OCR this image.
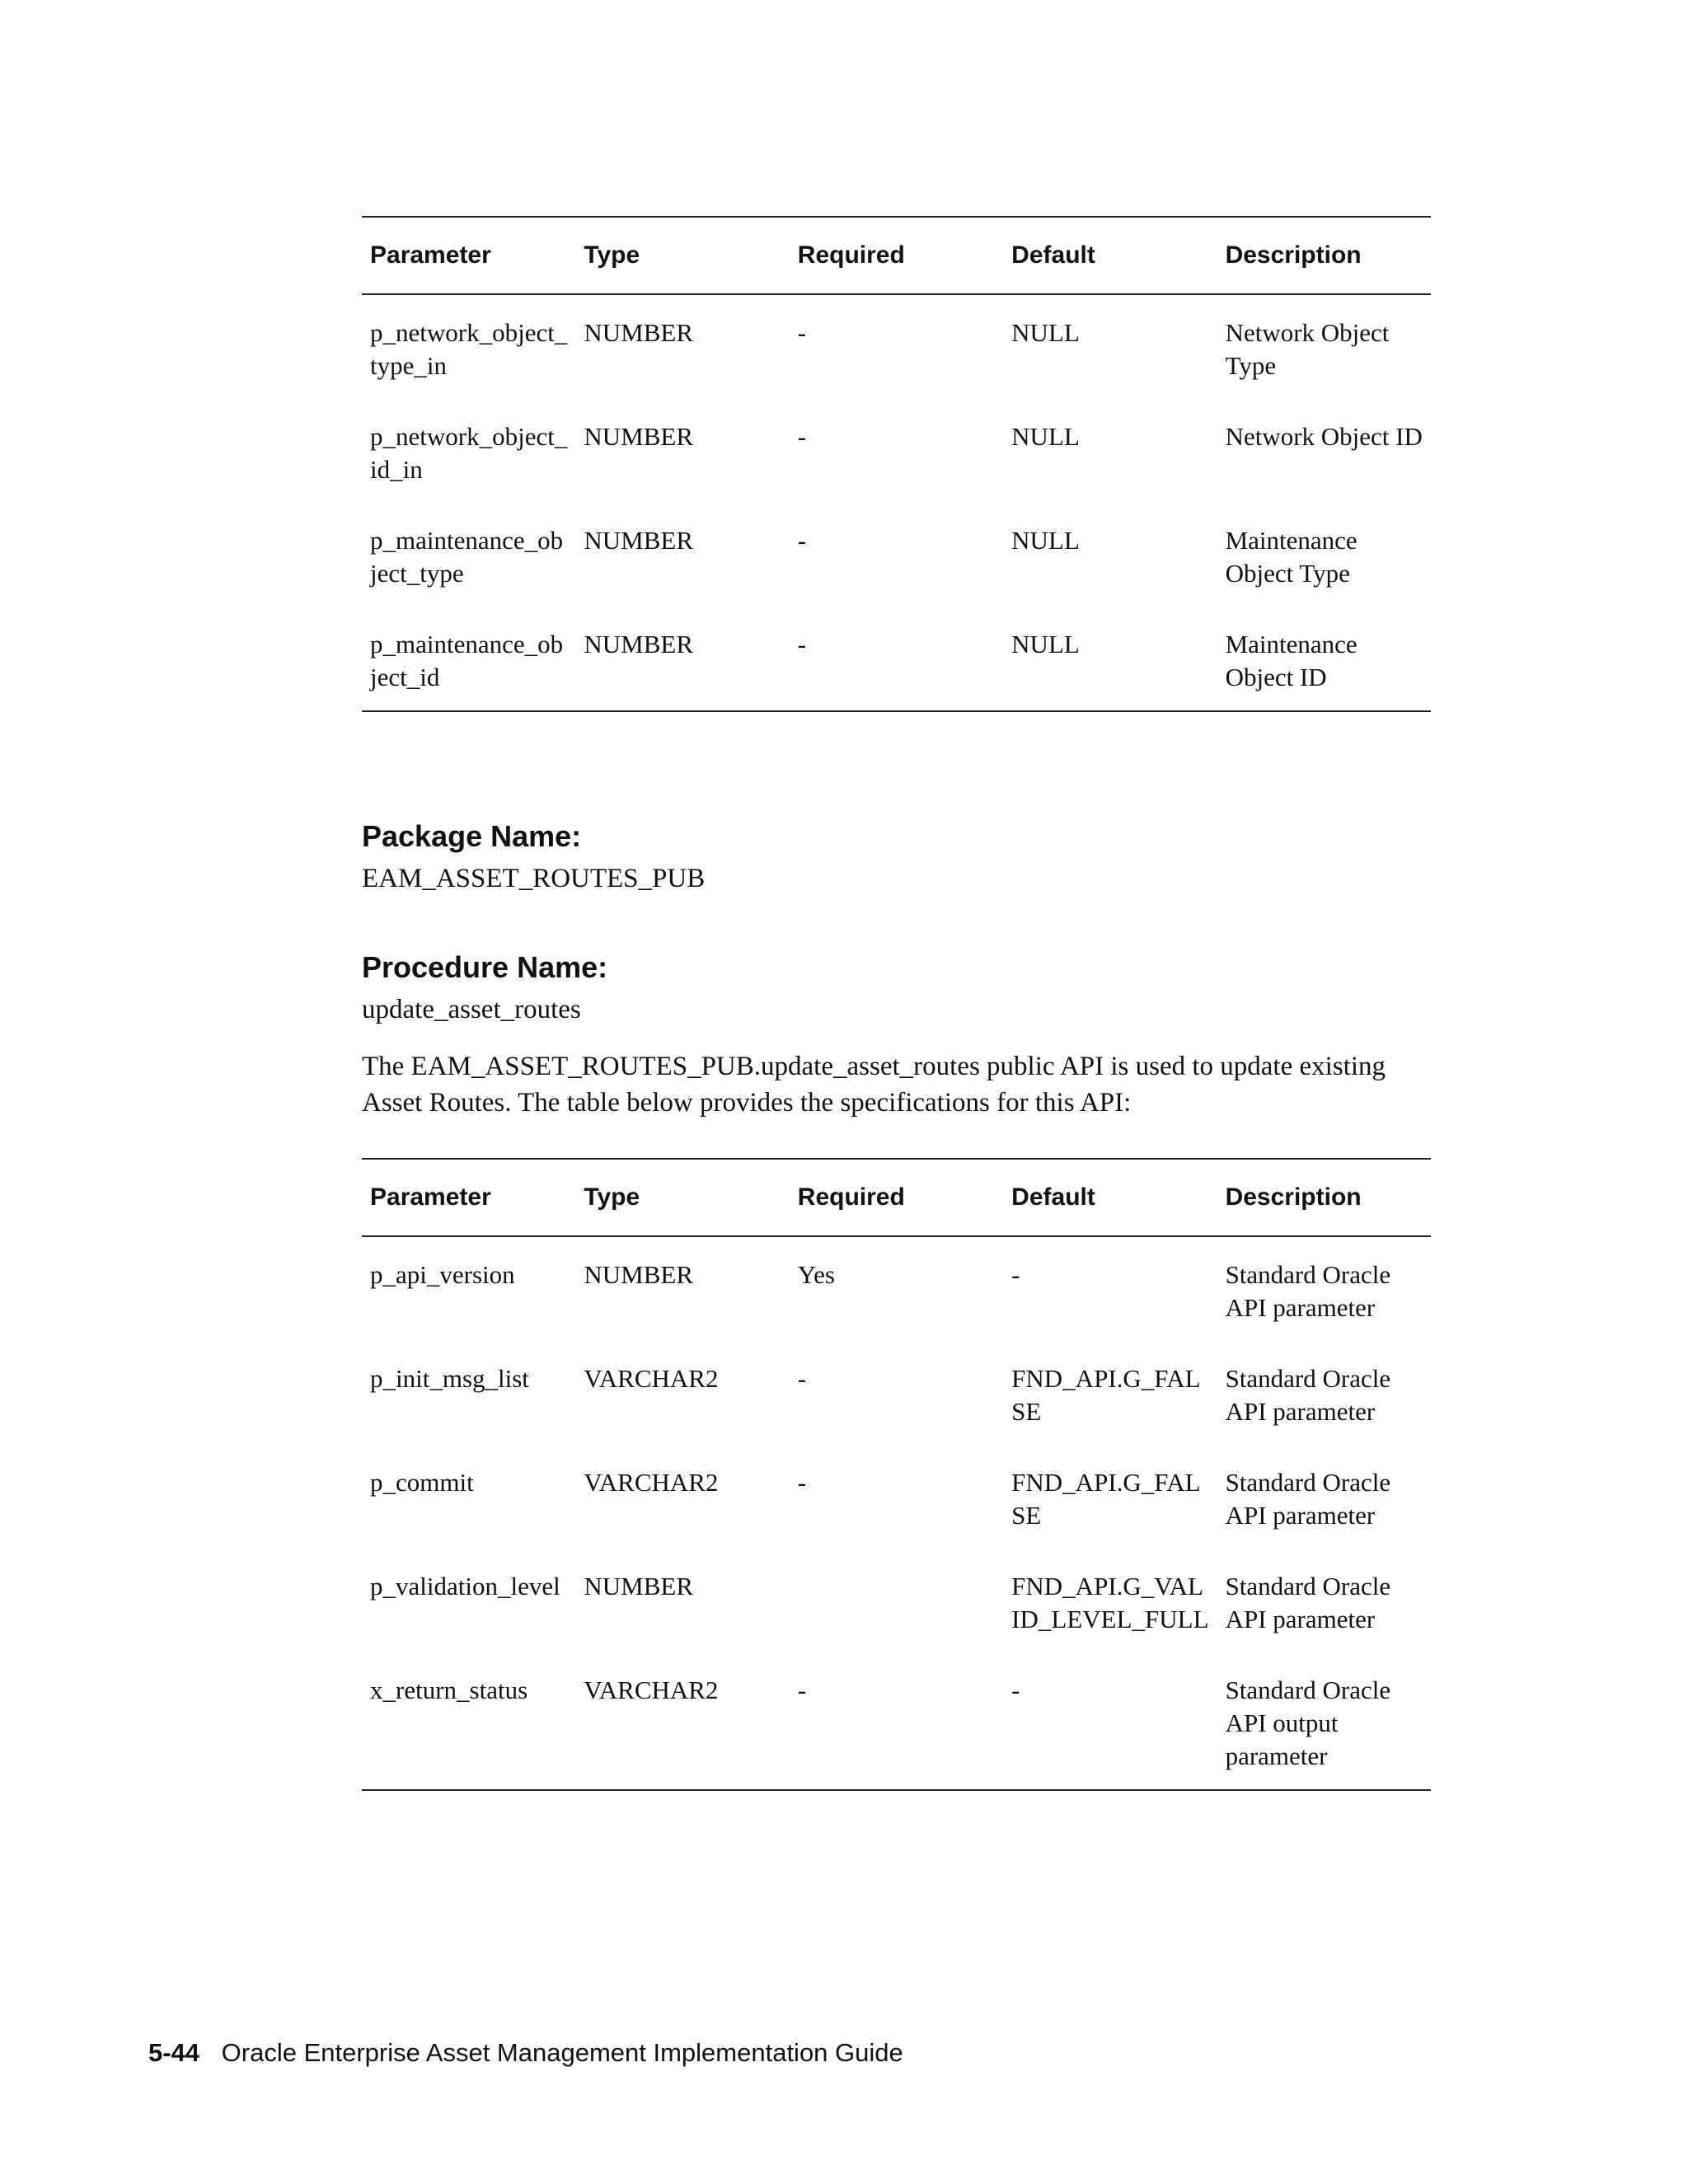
Parameter	Type	Required	Default	Description
p_network_object_type_in	NUMBER	-	NULL	Network Object Type
p_network_object_id_in	NUMBER	-	NULL	Network Object ID
p_maintenance_object_type	NUMBER	-	NULL	Maintenance Object Type
p_maintenance_object_id	NUMBER	-	NULL	Maintenance Object ID
Package Name:

EAM_ASSET_ROUTES_PUB

Procedure Name:

update_asset_routes

The EAM_ASSET_ROUTES_PUB.update_asset_routes public API is used to update existing Asset Routes. The table below provides the specifications for this API:

Parameter	Type	Required	Default	Description
p_api_version	NUMBER	Yes	-	Standard Oracle API parameter
p_init_msg_list	VARCHAR2	-	FND_API.G_FALSE	Standard Oracle API parameter
p_commit	VARCHAR2	-	FND_API.G_FALSE	Standard Oracle API parameter
p_validation_level	NUMBER		FND_API.G_VALID_LEVEL_FULL	Standard Oracle API parameter
x_return_status	VARCHAR2	-	-	Standard Oracle API output parameter
5-44 Oracle Enterprise Asset Management Implementation Guide
